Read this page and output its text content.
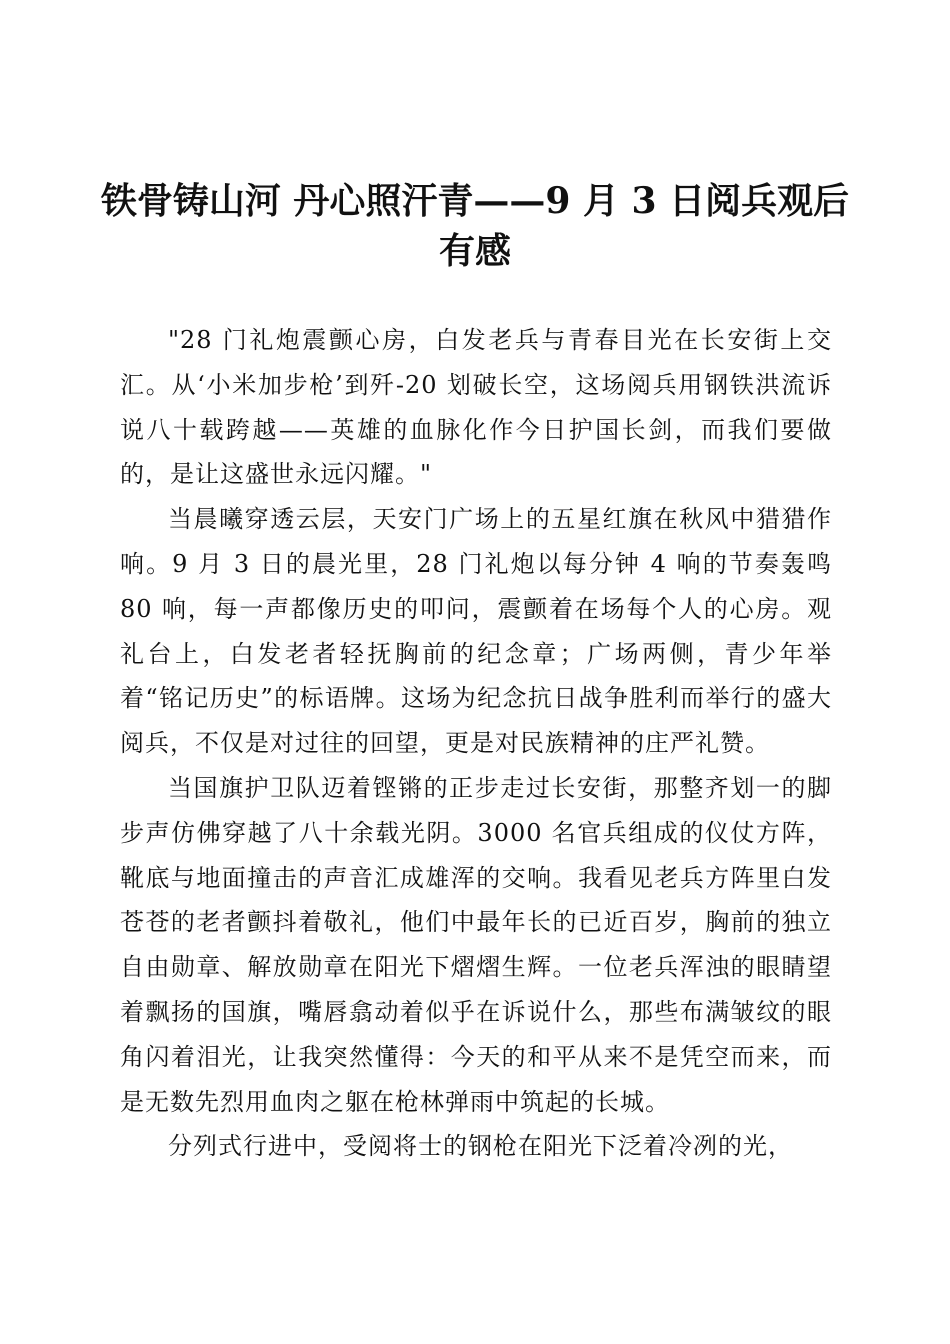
铁骨铸山河 丹心照汗青——9 月 3 日阅兵观后有感

"28 门礼炮震颤心房，白发老兵与青春目光在长安街上交汇。从‘小米加步枪’到歼-20 划破长空，这场阅兵用钢铁洪流诉说八十载跨越——英雄的血脉化作今日护国长剑，而我们要做的，是让这盛世永远闪耀。"

当晨曦穿透云层，天安门广场上的五星红旗在秋风中猎猎作响。9 月 3 日的晨光里，28 门礼炮以每分钟 4 响的节奏轰鸣 80 响，每一声都像历史的叩问，震颤着在场每个人的心房。观礼台上，白发老者轻抚胸前的纪念章；广场两侧，青少年举着“铭记历史”的标语牌。这场为纪念抗日战争胜利而举行的盛大阅兵，不仅是对过往的回望，更是对民族精神的庄严礼赞。

当国旗护卫队迈着铿锵的正步走过长安街，那整齐划一的脚步声仿佛穿越了八十余载光阴。3000 名官兵组成的仪仗方阵，靴底与地面撞击的声音汇成雄浑的交响。我看见老兵方阵里白发苍苍的老者颤抖着敬礼，他们中最年长的已近百岁，胸前的独立自由勋章、解放勋章在阳光下熠熠生辉。一位老兵浑浊的眼睛望着飘扬的国旗，嘴唇翕动着似乎在诉说什么，那些布满皱纹的眼角闪着泪光，让我突然懂得：今天的和平从来不是凭空而来，而是无数先烈用血肉之躯在枪林弹雨中筑起的长城。

分列式行进中，受阅将士的钢枪在阳光下泛着冷冽的光，
